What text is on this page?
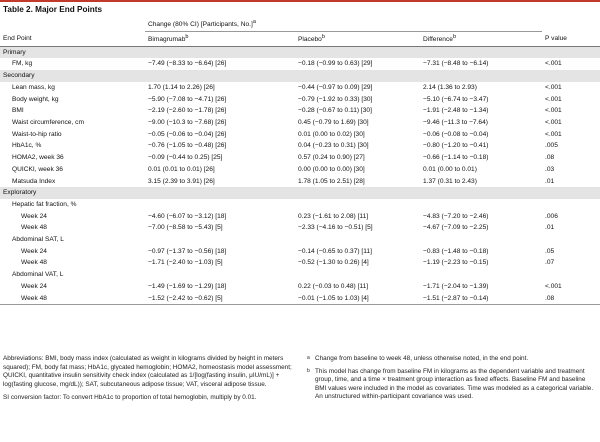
Table 2. Major End Points
	Change (80% CI) [Participants, No.]$^a$	
End Point	Bimagrumab$^b$	Placebo$^b$	Difference$^b$	P value
Primary				
FM, kg	−7.49 (−8.33 to −6.64) [26]	−0.18 (−0.99 to 0.63) [29]	−7.31 (−8.48 to −6.14)	<.001
Secondary				
Lean mass, kg	1.70 (1.14 to 2.26) [26]	−0.44 (−0.97 to 0.09) [29]	2.14 (1.36 to 2.93)	<.001
Body weight, kg	−5.90 (−7.08 to −4.71) [26]	−0.79 (−1.92 to 0.33) [30]	−5.10 (−6.74 to −3.47)	<.001
BMI	−2.19 (−2.60 to −1.78) [26]	−0.28 (−0.67 to 0.11) [30]	−1.91 (−2.48 to −1.34)	<.001
Waist circumference, cm	−9.00 (−10.3 to −7.68) [26]	0.45 (−0.79 to 1.69) [30]	−9.46 (−11.3 to −7.64)	<.001
Waist-to-hip ratio	−0.05 (−0.06 to −0.04) [26]	0.01 (0.00 to 0.02) [30]	−0.06 (−0.08 to −0.04)	<.001
HbA1c, %	−0.76 (−1.05 to −0.48) [26]	0.04 (−0.23 to 0.31) [30]	−0.80 (−1.20 to −0.41)	.005
HOMA2, week 36	−0.09 (−0.44 to 0.25) [25]	0.57 (0.24 to 0.90) [27]	−0.66 (−1.14 to −0.18)	.08
QUICKI, week 36	0.01 (0.01 to 0.01) [26]	0.00 (0.00 to 0.00) [30]	0.01 (0.00 to 0.01)	.03
Matsuda Index	3.15 (2.39 to 3.91) [26]	1.78 (1.05 to 2.51) [28]	1.37 (0.31 to 2.43)	.01
Exploratory				
Hepatic fat fraction, %				
Week 24	−4.60 (−6.07 to −3.12) [18]	0.23 (−1.61 to 2.08) [11]	−4.83 (−7.20 to −2.46)	.006
Week 48	−7.00 (−8.58 to −5.43) [5]	−2.33 (−4.16 to −0.51) [5]	−4.67 (−7.09 to −2.25)	.01
Abdominal SAT, L				
Week 24	−0.97 (−1.37 to −0.56) [18]	−0.14 (−0.65 to 0.37) [11]	−0.83 (−1.48 to −0.18)	.05
Week 48	−1.71 (−2.40 to −1.03) [5]	−0.52 (−1.30 to 0.26) [4]	−1.19 (−2.23 to −0.15)	.07
Abdominal VAT, L				
Week 24	−1.49 (−1.69 to −1.29) [18]	0.22 (−0.03 to 0.48) [11]	−1.71 (−2.04 to −1.39)	<.001
Week 48	−1.52 (−2.42 to −0.62) [5]	−0.01 (−1.05 to 1.03) [4]	−1.51 (−2.87 to −0.14)	.08

Abbreviations: BMI, body mass index (calculated as weight in kilograms divided by height in meters squared); FM, body fat mass; HbA1c, glycated hemoglobin; HOMA2, homeostasis model assessment; QUICKI, quantitative insulin sensitivity check index (calculated as 1/[log(fasting insulin, μIU/mL)] + log(fasting glucose, mg/dL)); SAT, subcutaneous adipose tissue; VAT, visceral adipose tissue.

SI conversion factor: To convert HbA1c to proportion of total hemoglobin, multiply by 0.01.

a Change from baseline to week 48, unless otherwise noted, in the end point.
b This model has change from baseline FM in kilograms as the dependent variable and treatment group, time, and a time × treatment group interaction as fixed effects. Baseline FM and baseline BMI values were included in the model as covariates. Time was modeled as a categorical variable. An unstructured within-participant covariance was used.
